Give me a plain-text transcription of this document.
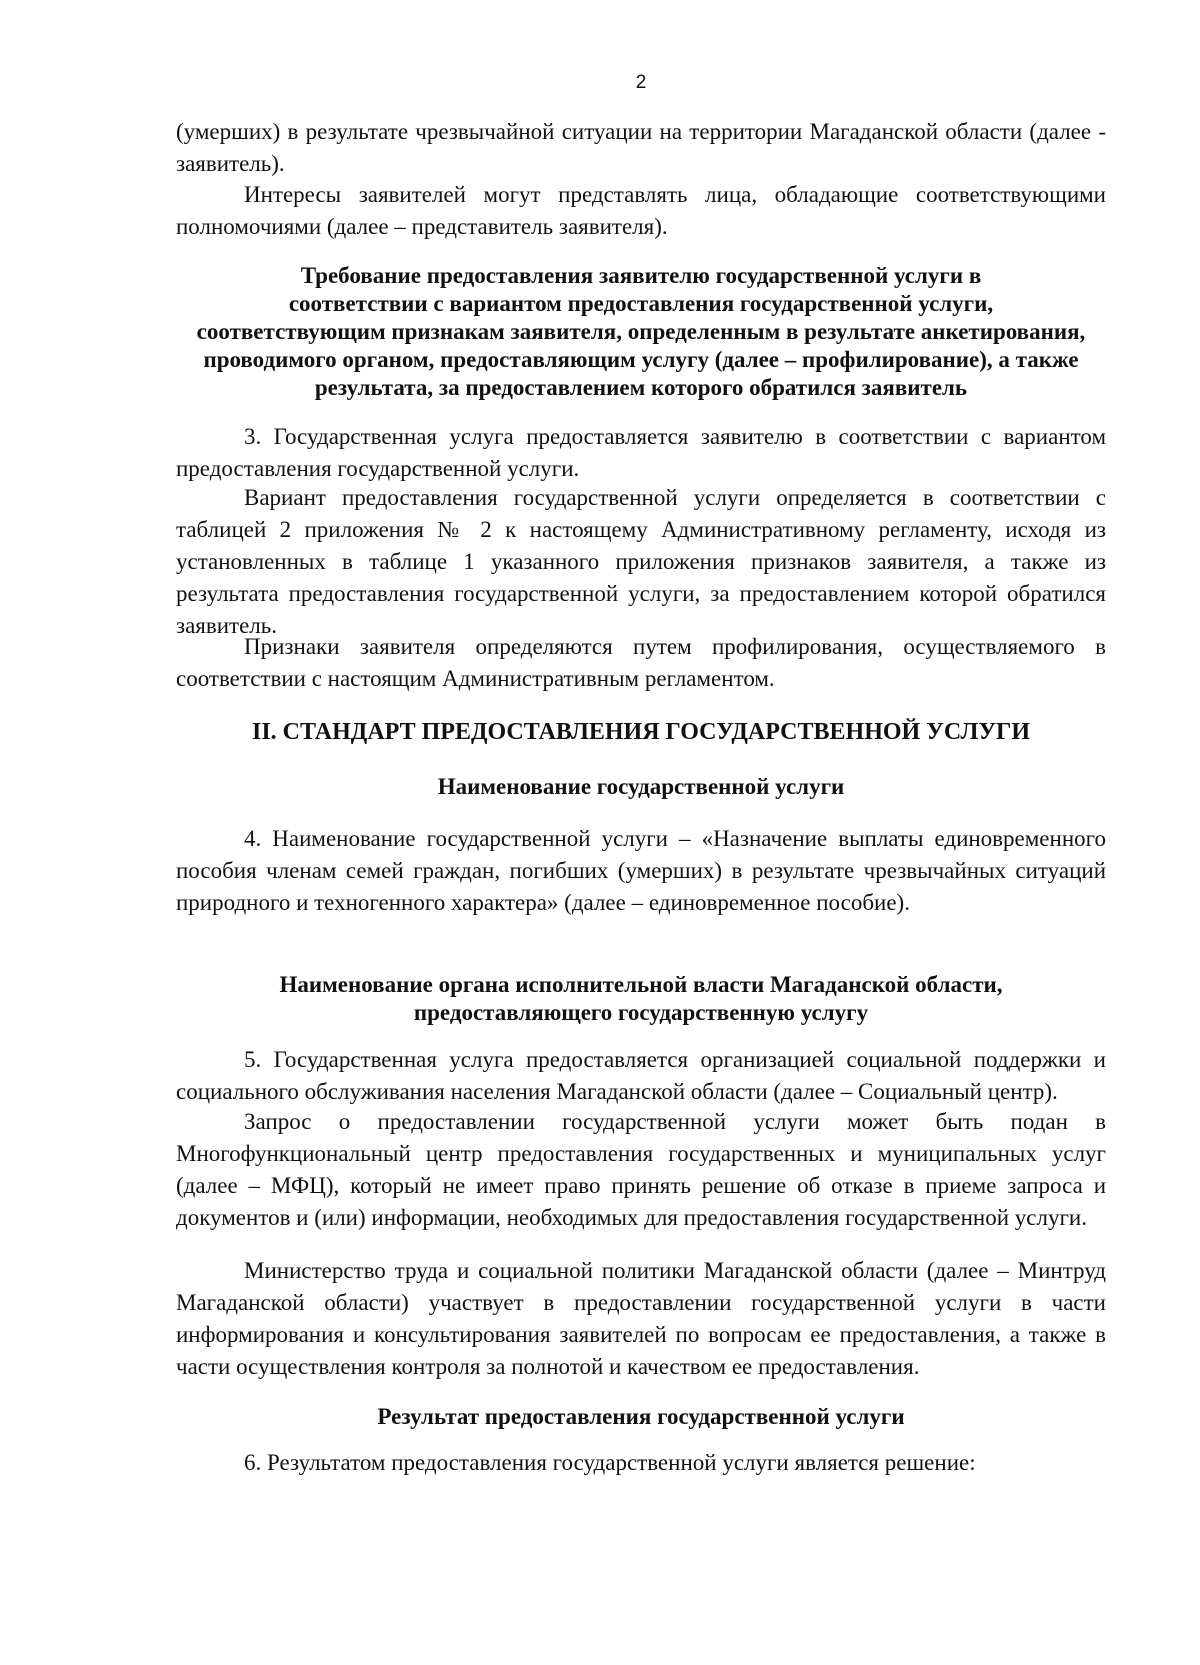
2

(умерших) в результате чрезвычайной ситуации на территории Магаданской области (далее - заявитель).

Интересы заявителей могут представлять лица, обладающие соответствующими полномочиями (далее – представитель заявителя).

Требование предоставления заявителю государственной услуги в
соответствии с вариантом предоставления государственной услуги,
соответствующим признакам заявителя, определенным в результате анкетирования,
проводимого органом, предоставляющим услугу (далее – профилирование), а также
результата, за предоставлением которого обратился заявитель

3. Государственная услуга предоставляется заявителю в соответствии с вариантом предоставления государственной услуги.

Вариант предоставления государственной услуги определяется в соответствии с таблицей 2 приложения № 2 к настоящему Административному регламенту, исходя из установленных в таблице 1 указанного приложения признаков заявителя, а также из результата предоставления государственной услуги, за предоставлением которой обратился заявитель.

Признаки заявителя определяются путем профилирования, осуществляемого в соответствии с настоящим Административным регламентом.

II. СТАНДАРТ ПРЕДОСТАВЛЕНИЯ ГОСУДАРСТВЕННОЙ УСЛУГИ
Наименование государственной услуги

4. Наименование государственной услуги – «Назначение выплаты единовременного пособия членам семей граждан, погибших (умерших) в результате чрезвычайных ситуаций природного и техногенного характера» (далее – единовременное пособие).

Наименование органа исполнительной власти Магаданской области,
предоставляющего государственную услугу

5. Государственная услуга предоставляется организацией социальной поддержки и социального обслуживания населения Магаданской области (далее – Социальный центр).

Запрос о предоставлении государственной услуги может быть подан в Многофункциональный центр предоставления государственных и муниципальных услуг (далее – МФЦ), который не имеет право принять решение об отказе в приеме запроса и документов и (или) информации, необходимых для предоставления государственной услуги.

Министерство труда и социальной политики Магаданской области (далее – Минтруд Магаданской области) участвует в предоставлении государственной услуги в части информирования и консультирования заявителей по вопросам ее предоставления, а также в части осуществления контроля за полнотой и качеством ее предоставления.

Результат предоставления государственной услуги

6. Результатом предоставления государственной услуги является решение:
